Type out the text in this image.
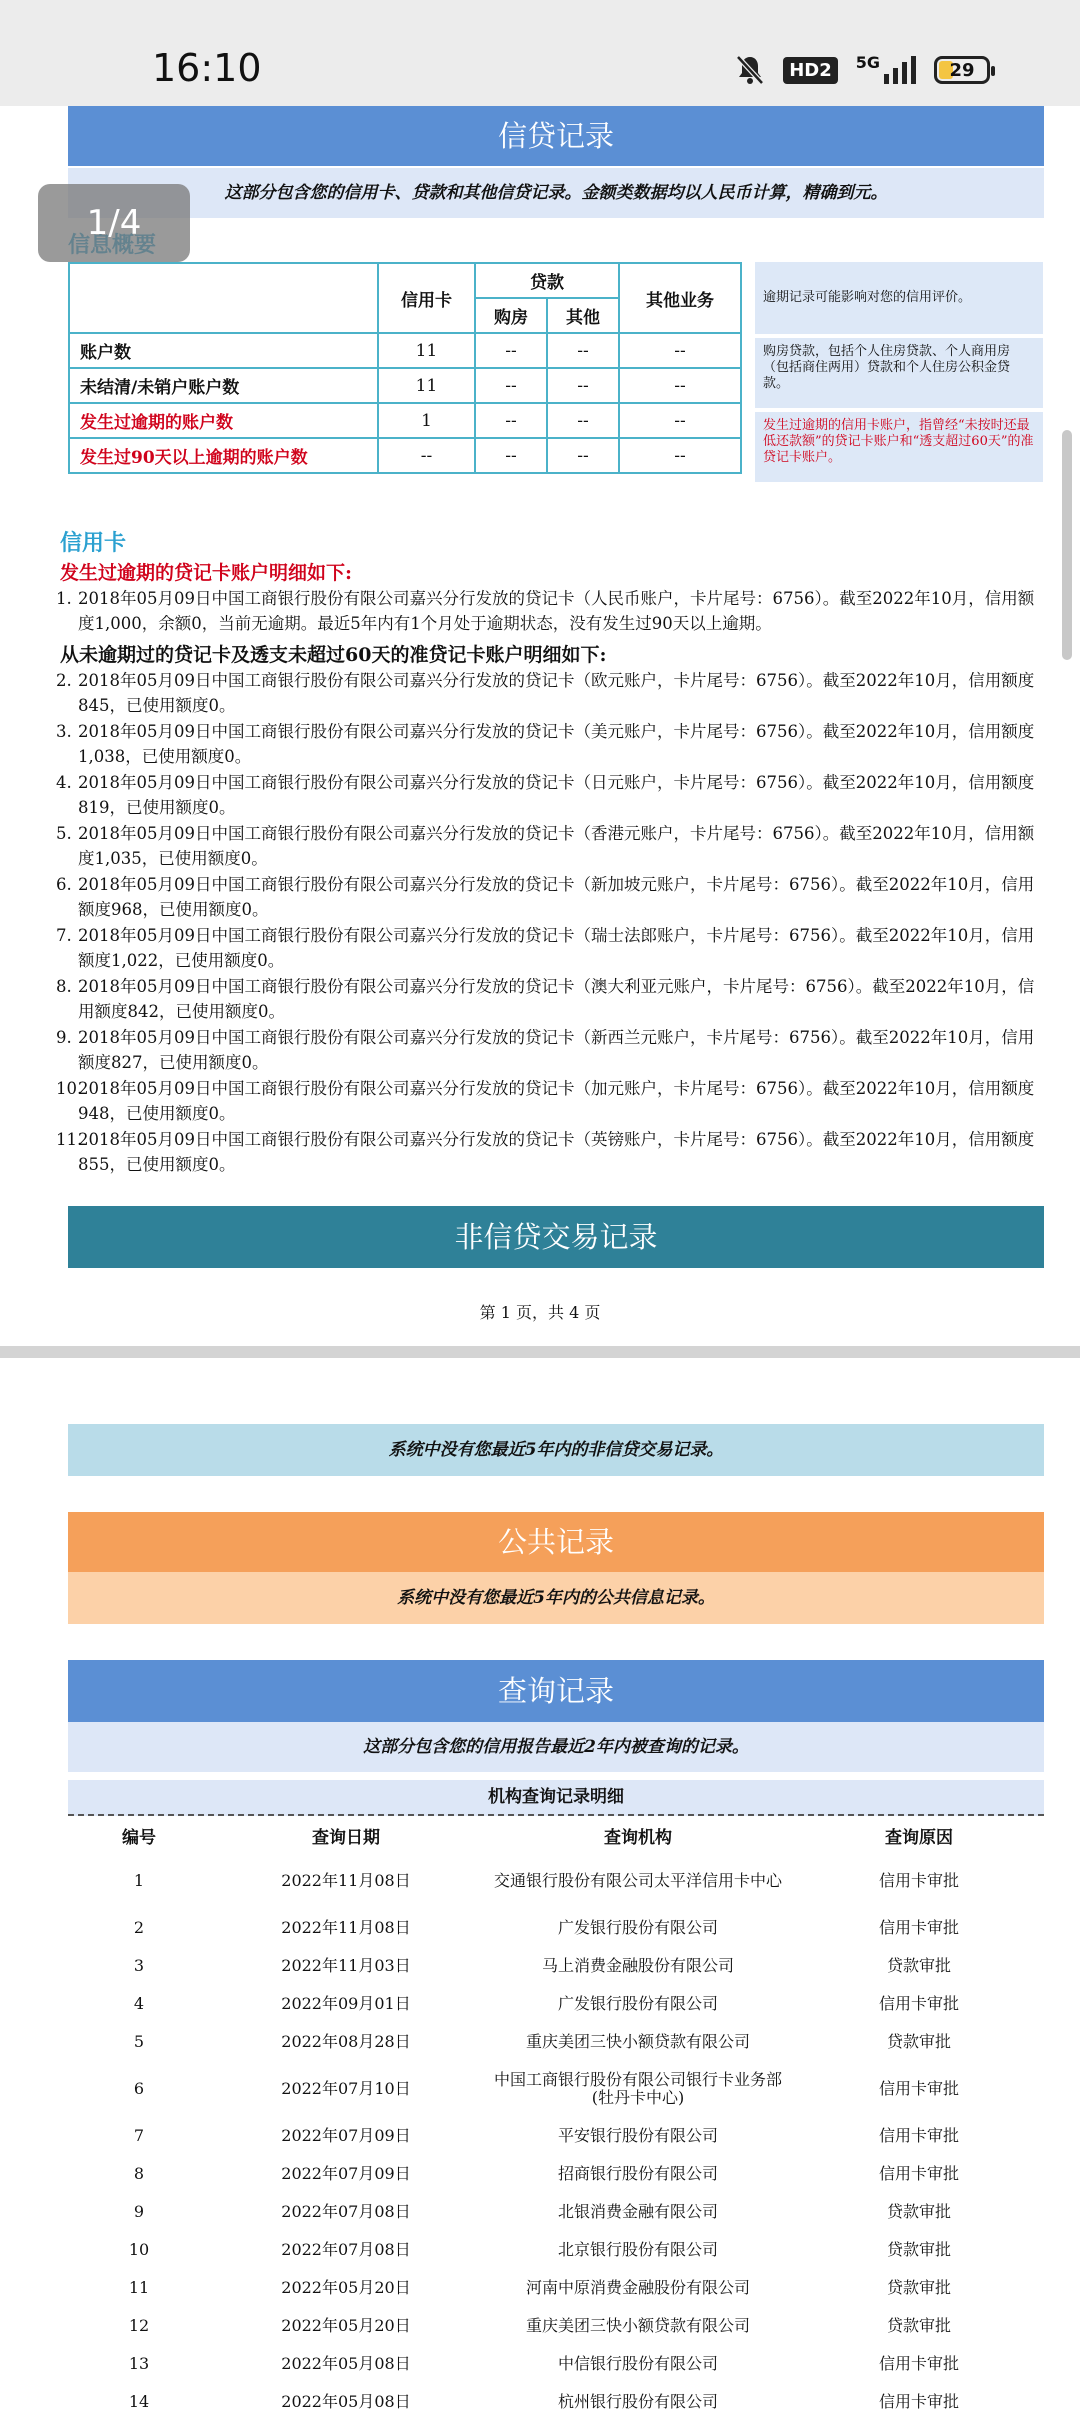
16:10	HD2	5G	29
信贷记录
这部分包含您的信用卡、贷款和其他信贷记录。金额类数据均以人民币计算，精确到元。
	信用卡	贷款		其他业务
		购房	其他	
账户数	11	--	--	--
未结清/未销户账户数	11	--	--	--
发生过逾期的账户数	1	--	--	--
发生过90天以上逾期的账户数	--	--	--	--
逾期记录可能影响对您的信用评价。
购房贷款，包括个人住房贷款、个人商用房（包括商住两用）贷款和个人住房公积金贷款。
发生过逾期的信用卡账户，指曾经“未按时还最低还款额”的贷记卡账户和“透支超过60天”的准贷记卡账户。
信用卡
发生过逾期的贷记卡账户明细如下:
1. 2018年05月09日中国工商银行股份有限公司嘉兴分行发放的贷记卡（人民币账户，卡片尾号：6756）。截至2022年10月，信用额度1,000，余额0，当前无逾期。最近5年内有1个月处于逾期状态，没有发生过90天以上逾期。
从未逾期过的贷记卡及透支未超过60天的准贷记卡账户明细如下:
2. 2018年05月09日中国工商银行股份有限公司嘉兴分行发放的贷记卡（欧元账户，卡片尾号：6756）。截至2022年10月，信用额度845，已使用额度0。
3. 2018年05月09日中国工商银行股份有限公司嘉兴分行发放的贷记卡（美元账户，卡片尾号：6756）。截至2022年10月，信用额度1,038，已使用额度0。
4. 2018年05月09日中国工商银行股份有限公司嘉兴分行发放的贷记卡（日元账户，卡片尾号：6756）。截至2022年10月，信用额度819，已使用额度0。
5. 2018年05月09日中国工商银行股份有限公司嘉兴分行发放的贷记卡（香港元账户，卡片尾号：6756）。截至2022年10月，信用额度1,035，已使用额度0。
6. 2018年05月09日中国工商银行股份有限公司嘉兴分行发放的贷记卡（新加坡元账户，卡片尾号：6756）。截至2022年10月，信用额度968，已使用额度0。
7. 2018年05月09日中国工商银行股份有限公司嘉兴分行发放的贷记卡（瑞士法郎账户，卡片尾号：6756）。截至2022年10月，信用额度1,022，已使用额度0。
8. 2018年05月09日中国工商银行股份有限公司嘉兴分行发放的贷记卡（澳大利亚元账户，卡片尾号：6756）。截至2022年10月，信用额度842，已使用额度0。
9. 2018年05月09日中国工商银行股份有限公司嘉兴分行发放的贷记卡（新西兰元账户，卡片尾号：6756）。截至2022年10月，信用额度827，已使用额度0。
10.
2018年05月09日中国工商银行股份有限公司嘉兴分行发放的贷记卡（加元账户，卡片尾号：6756）。截至2022年10月，信用额度948，已使用额度0。
11.
2018年05月09日中国工商银行股份有限公司嘉兴分行发放的贷记卡（英镑账户，卡片尾号：6756）。截至2022年10月，信用额度855，已使用额度0。
非信贷交易记录
第 1 页，共 4 页
1/4
系统中没有您最近5年内的非信贷交易记录。
公共记录
系统中没有您最近5年内的公共信息记录。
查询记录
这部分包含您的信用报告最近2年内被查询的记录。
机构查询记录明细
编号	查询日期	查询机构	查询原因
1	2022年11月08日	交通银行股份有限公司太平洋信用卡中心	信用卡审批
2	2022年11月08日	广发银行股份有限公司	信用卡审批
3	2022年11月03日	马上消费金融股份有限公司	贷款审批
4	2022年09月01日	广发银行股份有限公司	信用卡审批
5	2022年08月28日	重庆美团三快小额贷款有限公司	贷款审批
6	2022年07月10日	中国工商银行股份有限公司银行卡业务部(牡丹卡中心)	信用卡审批
7	2022年07月09日	平安银行股份有限公司	信用卡审批
8	2022年07月09日	招商银行股份有限公司	信用卡审批
9	2022年07月08日	北银消费金融有限公司	贷款审批
10	2022年07月08日	北京银行股份有限公司	贷款审批
11	2022年05月20日	河南中原消费金融股份有限公司	贷款审批
12	2022年05月20日	重庆美团三快小额贷款有限公司	贷款审批
13	2022年05月08日	中信银行股份有限公司	信用卡审批
14	2022年05月08日	杭州银行股份有限公司	信用卡审批
